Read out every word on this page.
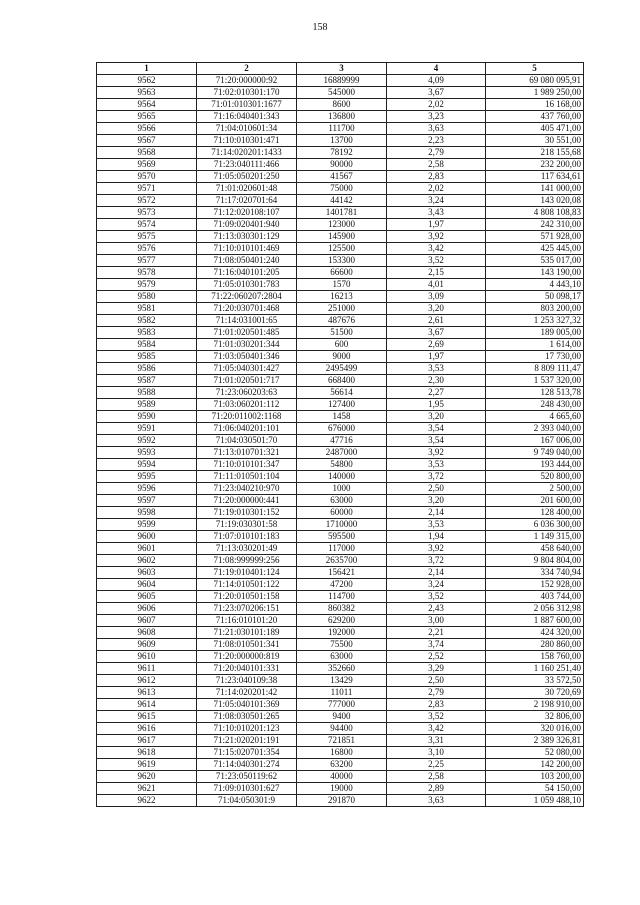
158
1	2	3	4	5
9562	71:20:000000:92	16889999	4,09	69 080 095,91
9563	71:02:010301:170	545000	3,67	1 989 250,00
9564	71:01:010301:1677	8600	2,02	16 168,00
9565	71:16:040401:343	136800	3,23	437 760,00
9566	71:04:010601:34	111700	3,63	405 471,00
9567	71:10:010301:471	13700	2,23	30 551,00
9568	71:14:020201:1433	78192	2,79	218 155,68
9569	71:23:040111:466	90000	2,58	232 200,00
9570	71:05:050201:250	41567	2,83	117 634,61
9571	71:01:020601:48	75000	2,02	141 000,00
9572	71:17:020701:64	44142	3,24	143 020,08
9573	71:12:020108:107	1401781	3,43	4 808 108,83
9574	71:09:020401:940	123000	1,97	242 310,00
9575	71:13:030301:129	145900	3,92	571 928,00
9576	71:10:010101:469	125500	3,42	425 445,00
9577	71:08:050401:240	153300	3,52	535 017,00
9578	71:16:040101:205	66600	2,15	143 190,00
9579	71:05:010301:783	1570	4,01	4 443,10
9580	71:22:060207:2804	16213	3,09	50 098,17
9581	71:20:030701:468	251000	3,20	803 200,00
9582	71:14:031001:65	487676	2,61	1 253 327,32
9583	71:01:020501:485	51500	3,67	189 005,00
9584	71:01:030201:344	600	2,69	1 614,00
9585	71:03:050401:346	9000	1,97	17 730,00
9586	71:05:040301:427	2495499	3,53	8 809 111,47
9587	71:01:020501:717	668400	2,30	1 537 320,00
9588	71:23:060203:63	56614	2,27	128 513,78
9589	71:03:060201:112	127400	1,95	248 430,00
9590	71:20:011002:1168	1458	3,20	4 665,60
9591	71:06:040201:101	676000	3,54	2 393 040,00
9592	71:04:030501:70	47716	3,54	167 006,00
9593	71:13:010701:321	2487000	3,92	9 749 040,00
9594	71:10:010101:347	54800	3,53	193 444,00
9595	71:11:010501:104	140000	3,72	520 800,00
9596	71:23:040210:970	1000	2,50	2 500,00
9597	71:20:000000:441	63000	3,20	201 600,00
9598	71:19:010301:152	60000	2,14	128 400,00
9599	71:19:030301:58	1710000	3,53	6 036 300,00
9600	71:07:010101:183	595500	1,94	1 149 315,00
9601	71:13:030201:49	117000	3,92	458 640,00
9602	71:08:999999:256	2635700	3,72	9 804 804,00
9603	71:19:010401:124	156421	2,14	334 740,94
9604	71:14:010501:122	47200	3,24	152 928,00
9605	71:20:010501:158	114700	3,52	403 744,00
9606	71:23:070206:151	860382	2,43	2 056 312,98
9607	71:16:010101:20	629200	3,00	1 887 600,00
9608	71:21:030101:189	192000	2,21	424 320,00
9609	71:08:010501:341	75500	3,74	280 860,00
9610	71:20:000000:819	63000	2,52	158 760,00
9611	71:20:040101:331	352660	3,29	1 160 251,40
9612	71:23:040109:38	13429	2,50	33 572,50
9613	71:14:020201:42	11011	2,79	30 720,69
9614	71:05:040101:369	777000	2,83	2 198 910,00
9615	71:08:030501:265	9400	3,52	32 806,00
9616	71:10:010201:123	94400	3,42	320 016,00
9617	71:21:020201:191	721851	3,31	2 389 326,81
9618	71:15:020701:354	16800	3,10	52 080,00
9619	71:14:040301:274	63200	2,25	142 200,00
9620	71:23:050119:62	40000	2,58	103 200,00
9621	71:09:010301:627	19000	2,89	54 150,00
9622	71:04:050301:9	291870	3,63	1 059 488,10
